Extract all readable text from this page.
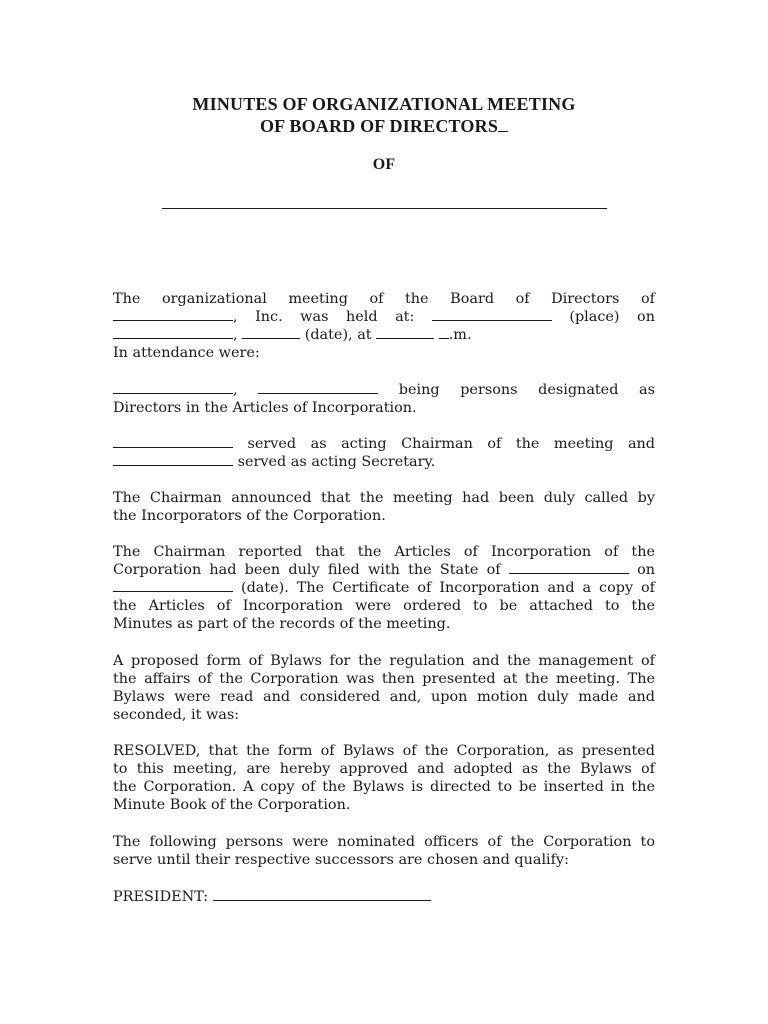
MINUTES OF ORGANIZATIONAL MEETING
OF BOARD OF DIRECTORS
OF
The organizational meeting of the Board of Directors of
, Inc. was held at:	(place) on
,	(date), at	.m.
In attendance were:
,	being persons designated as
Directors in the Articles of Incorporation.
served as acting Chairman of the meeting and
served as acting Secretary.
The Chairman announced that the meeting had been duly called by
the Incorporators of the Corporation.
The Chairman reported that the Articles of Incorporation of the
Corporation had been duly filed with the State of	on
(date). The Certificate of Incorporation and a copy of
the Articles of Incorporation were ordered to be attached to the
Minutes as part of the records of the meeting.
A proposed form of Bylaws for the regulation and the management of
the affairs of the Corporation was then presented at the meeting. The
Bylaws were read and considered and, upon motion duly made and
seconded, it was:
RESOLVED, that the form of Bylaws of the Corporation, as presented
to this meeting, are hereby approved and adopted as the Bylaws of
the Corporation. A copy of the Bylaws is directed to be inserted in the
Minute Book of the Corporation.
The following persons were nominated officers of the Corporation to
serve until their respective successors are chosen and qualify:
PRESIDENT:
